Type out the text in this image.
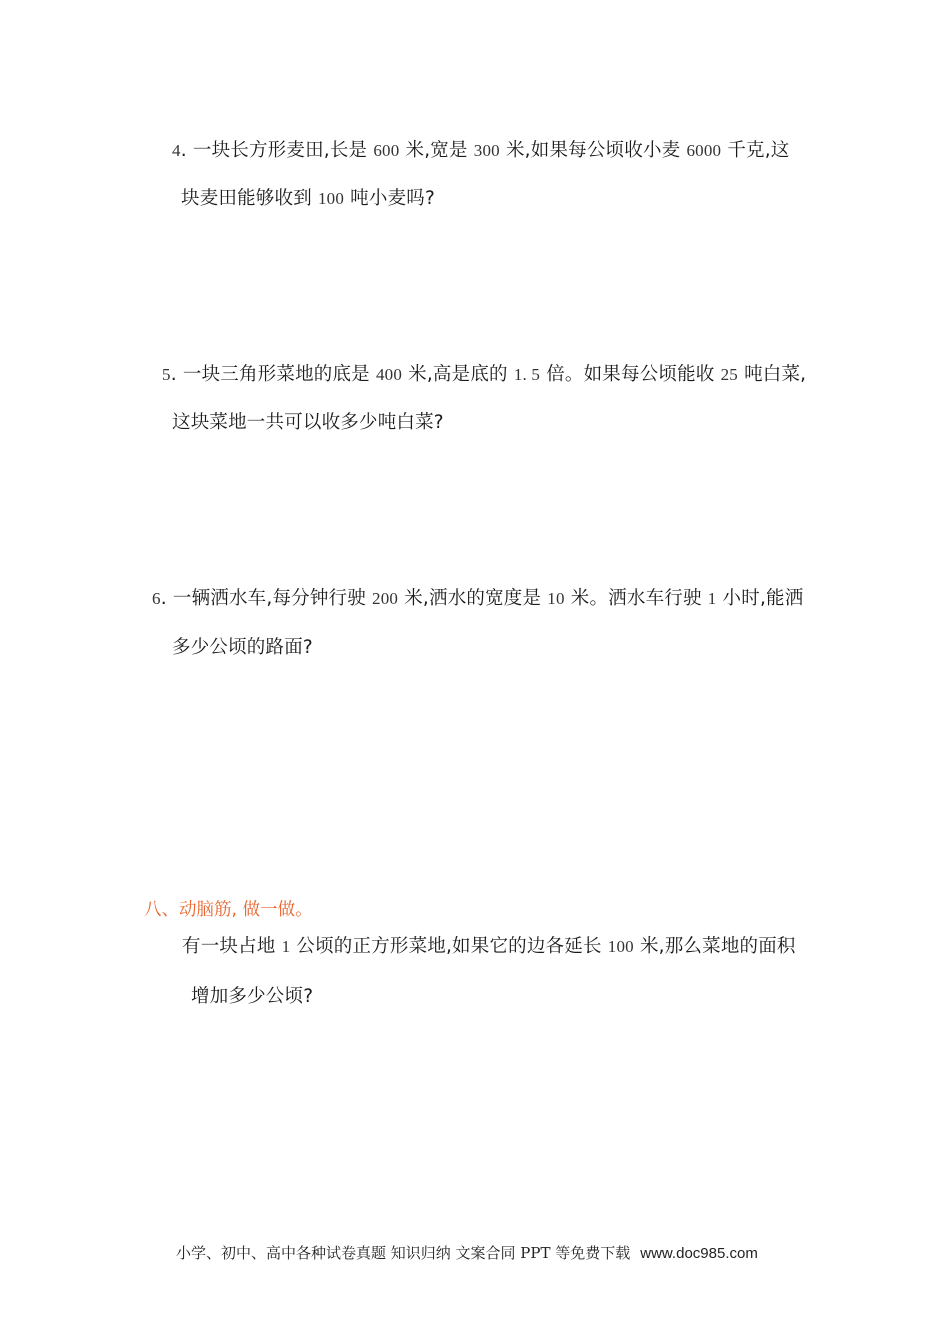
4. 一块长方形麦田,长是 600 米,宽是 300 米,如果每公顷收小麦 6000 千克,这
块麦田能够收到 100 吨小麦吗?
5. 一块三角形菜地的底是 400 米,高是底的 1. 5 倍。如果每公顷能收 25 吨白菜,
这块菜地一共可以收多少吨白菜?
6. 一辆洒水车,每分钟行驶 200 米,洒水的宽度是 10 米。洒水车行驶 1 小时,能洒
多少公顷的路面?
八、动脑筋, 做一做。
有一块占地 1 公顷的正方形菜地,如果它的边各延长 100 米,那么菜地的面积
增加多少公顷?
小学、初中、高中各种试卷真题 知识归纳 文案合同 PPT 等免费下载 www.doc985.com
